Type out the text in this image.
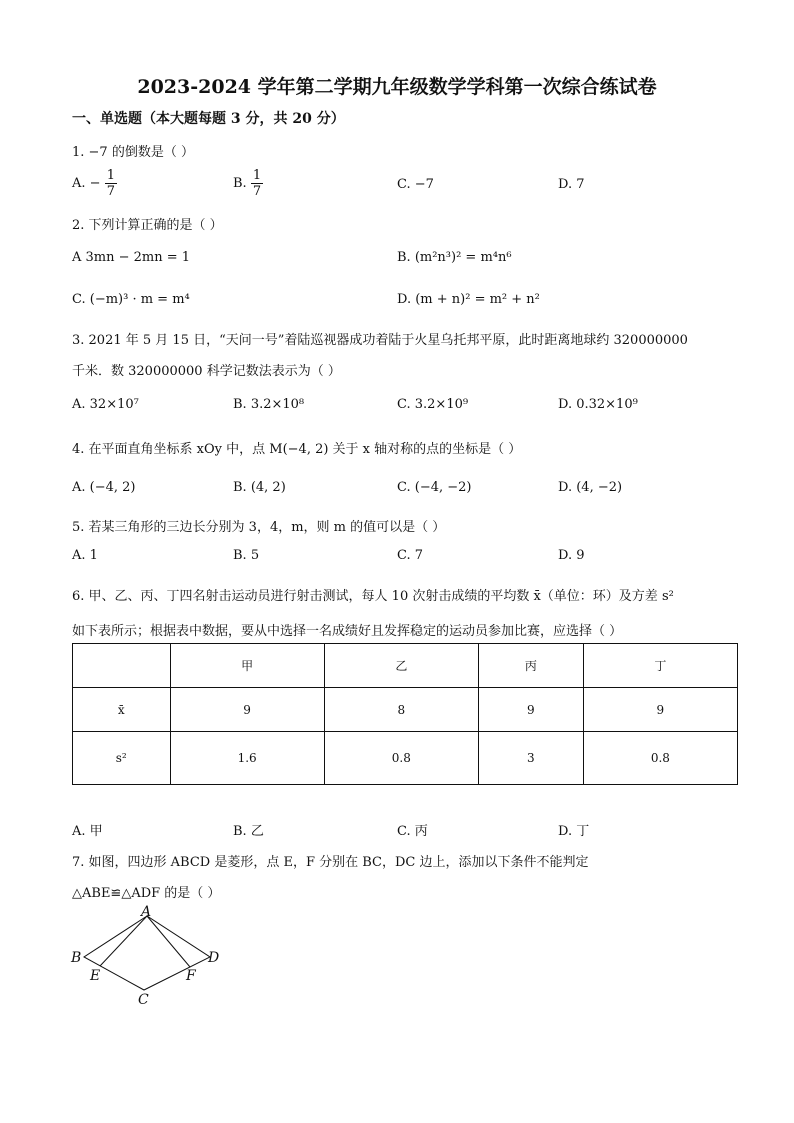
2023-2024 学年第二学期九年级数学学科第一次综合练试卷
一、单选题（本大题每题 3 分，共 20 分）
1. −7 的倒数是（ ）
A. − $\frac{1}{7}$	B. $\frac{1}{7}$	C. −7	D. 7
2. 下列计算正确的是（ ）
A 3mn − 2mn = 1	B. (m²n³)² = m⁴n⁶
C. (−m)³ · m = m⁴	D. (m + n)² = m² + n²
3. 2021 年 5 月 15 日，“天问一号”着陆巡视器成功着陆于火星乌托邦平原，此时距离地球约 320000000
千米．数 320000000 科学记数法表示为（ ）
A. 32×10⁷	B. 3.2×10⁸	C. 3.2×10⁹	D. 0.32×10⁹
4. 在平面直角坐标系 xOy 中，点 M(−4, 2) 关于 x 轴对称的点的坐标是（ ）
A. (−4, 2)	B. (4, 2)	C. (−4, −2)	D. (4, −2)
5. 若某三角形的三边长分别为 3，4，m，则 m 的值可以是（ ）
A. 1	B. 5	C. 7	D. 9
6. 甲、乙、丙、丁四名射击运动员进行射击测试，每人 10 次射击成绩的平均数 x̄（单位：环）及方差 s²
如下表所示；根据表中数据，要从中选择一名成绩好且发挥稳定的运动员参加比赛，应选择（ ）
	甲	乙	丙	丁
x̄	9	8	9	9
s²	1.6	0.8	3	0.8
A. 甲	B. 乙	C. 丙	D. 丁
7. 如图，四边形 ABCD 是菱形，点 E，F 分别在 BC，DC 边上，添加以下条件不能判定
△ABE≌△ADF 的是（ ）
A
B
C
D
E	F
